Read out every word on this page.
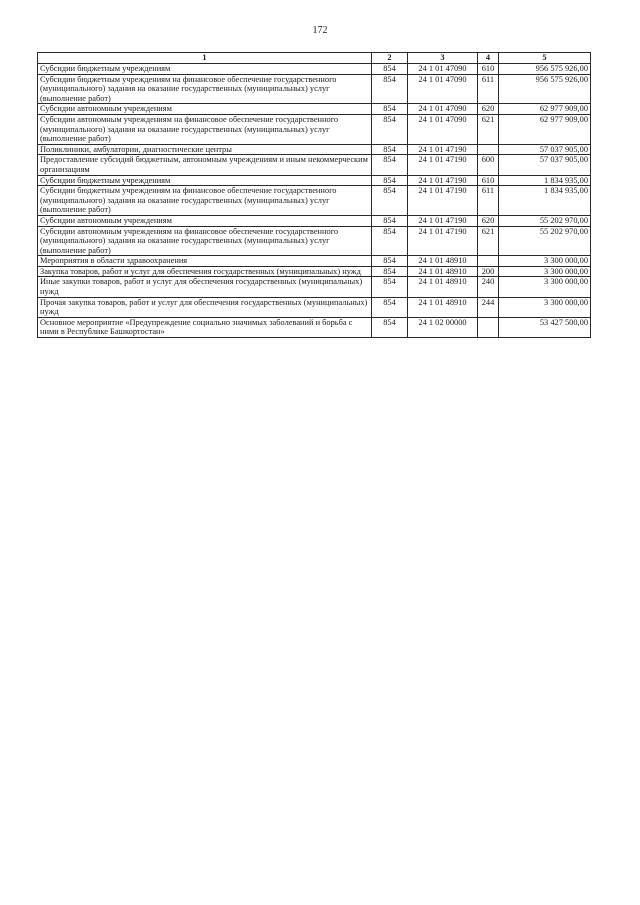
172
1	2	3	4	5
Субсидии бюджетным учреждениям	854	24 1 01 47090	610	956 575 926,00
Субсидии бюджетным учреждениям на финансовое обеспечение государственного (муниципального) задания на оказание государственных (муниципальных) услуг (выполнение работ)	854	24 1 01 47090	611	956 575 926,00
Субсидии автономным учреждениям	854	24 1 01 47090	620	62 977 909,00
Субсидии автономным учреждениям на финансовое обеспечение государственного (муниципального) задания на оказание государственных (муниципальных) услуг (выполнение работ)	854	24 1 01 47090	621	62 977 909,00
Поликлиники, амбулатории, диагностические центры	854	24 1 01 47190		57 037 905,00
Предоставление субсидий бюджетным, автономным учреждениям и иным некоммерческим организациям	854	24 1 01 47190	600	57 037 905,00
Субсидии бюджетным учреждениям	854	24 1 01 47190	610	1 834 935,00
Субсидии бюджетным учреждениям на финансовое обеспечение государственного (муниципального) задания на оказание государственных (муниципальных) услуг (выполнение работ)	854	24 1 01 47190	611	1 834 935,00
Субсидии автономным учреждениям	854	24 1 01 47190	620	55 202 970,00
Субсидии автономным учреждениям на финансовое обеспечение государственного (муниципального) задания на оказание государственных (муниципальных) услуг (выполнение работ)	854	24 1 01 47190	621	55 202 970,00
Мероприятия в области здравоохранения	854	24 1 01 48910		3 300 000,00
Закупка товаров, работ и услуг для обеспечения государственных (муниципальных) нужд	854	24 1 01 48910	200	3 300 000,00
Иные закупки товаров, работ и услуг для обеспечения государственных (муниципальных) нужд	854	24 1 01 48910	240	3 300 000,00
Прочая закупка товаров, работ и услуг для обеспечения государственных (муниципальных) нужд	854	24 1 01 48910	244	3 300 000,00
Основное мероприятие «Предупреждение социально значимых заболеваний и борьба с ними в Республике Башкортостан»	854	24 1 02 00000		53 427 500,00
